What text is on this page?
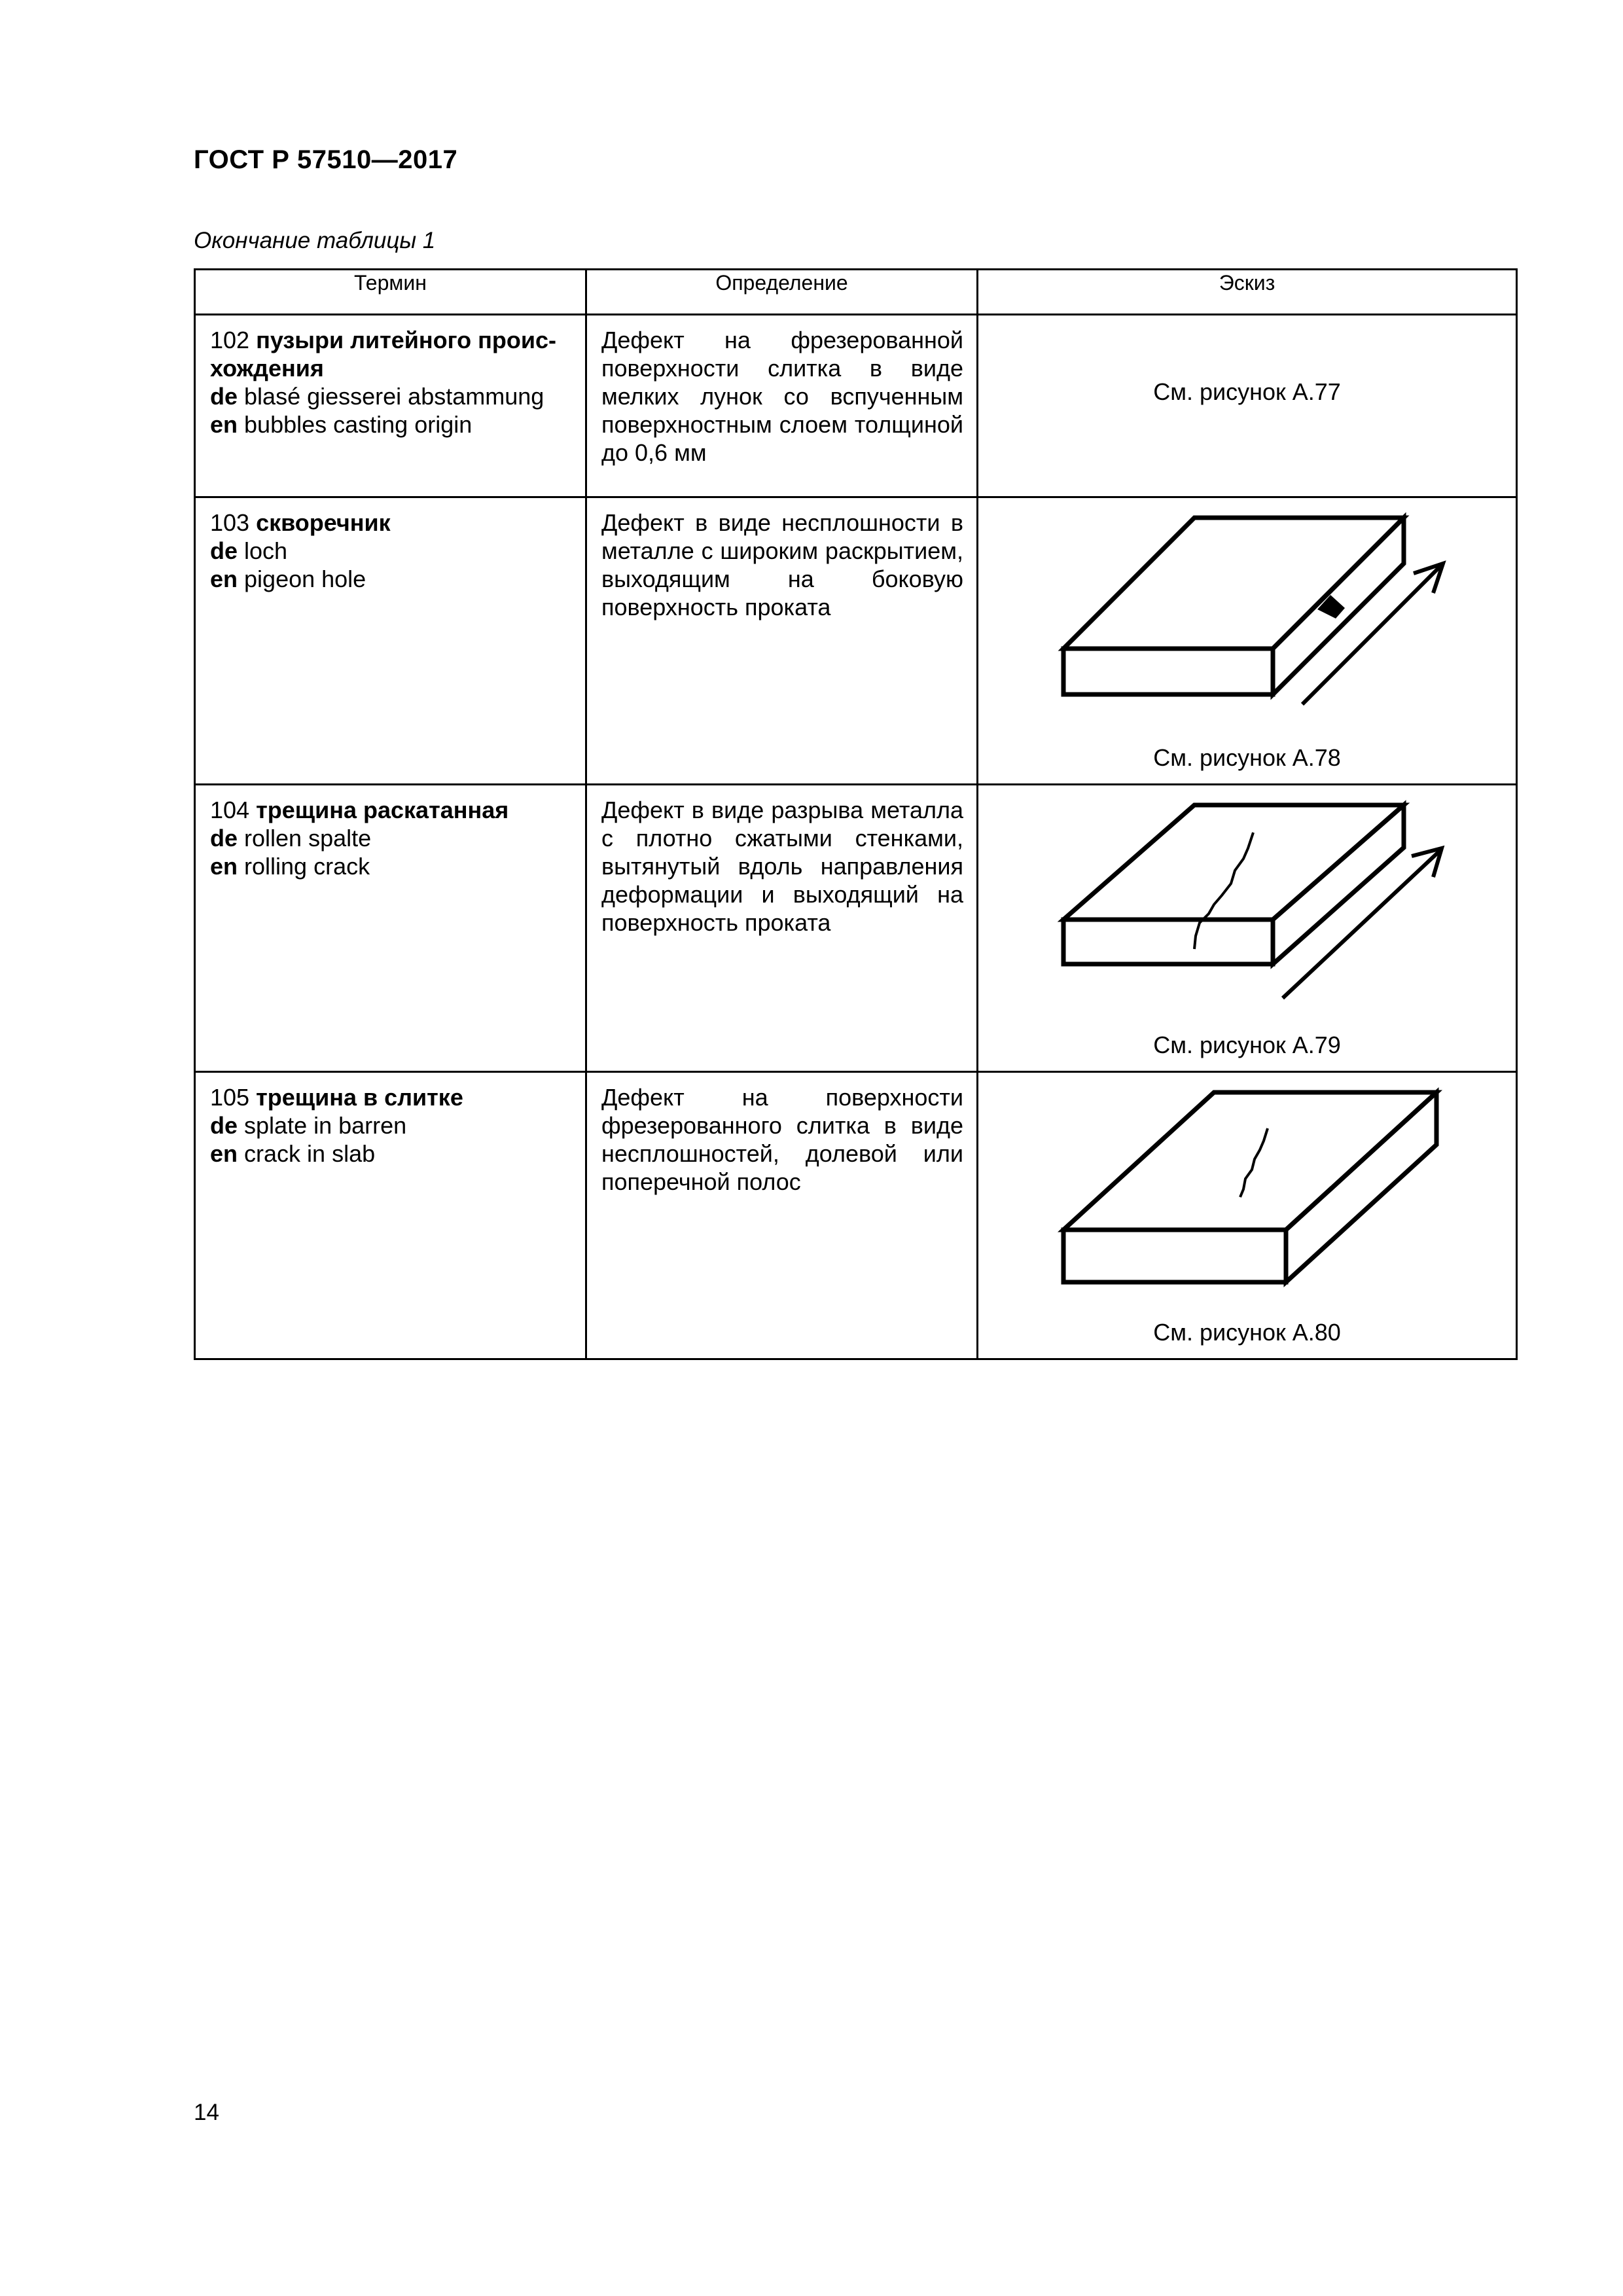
ГОСТ Р 57510—2017
Окончание таблицы 1
Термин	Определение	Эскиз
102 пузыри литейного проис- хождения
de blasé giesserei abstammung
en bubbles casting origin	Дефект на фрезерованной поверхности слитка в виде мелких лунок со вспученным поверхностным слоем толщиной до 0,6 мм	См. рисунок А.77

103 скворечник
de loch
en pigeon hole	Дефект в виде несплошности в металле с широким раскрытием, выходящим на боковую поверхность проката	См. рисунок А.78

104 трещина раскатанная
de rollen spalte
en rolling crack	Дефект в виде разрыва металла с плотно сжатыми стенками, вытянутый вдоль направления деформации и выходящий на поверхность проката	См. рисунок А.79

105 трещина в слитке
de splate in barren
en crack in slab	Дефект на поверхности фрезерованного слитка в виде несплошностей, долевой или поперечной полос	См. рисунок А.80
14
